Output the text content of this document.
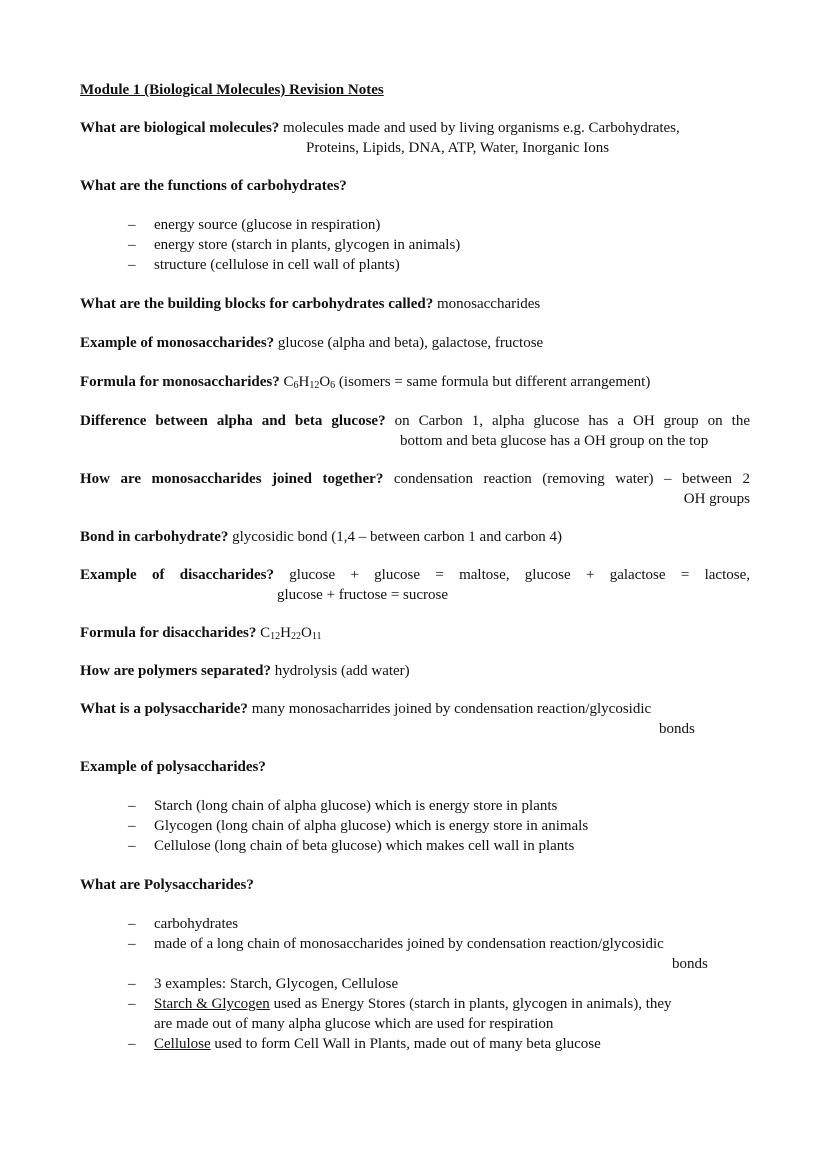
Module 1 (Biological Molecules) Revision Notes
What are biological molecules? molecules made and used by living organisms e.g. Carbohydrates,
Proteins, Lipids, DNA, ATP, Water, Inorganic Ions
What are the functions of carbohydrates?
– energy source (glucose in respiration)
– energy store (starch in plants, glycogen in animals)
– structure (cellulose in cell wall of plants)
What are the building blocks for carbohydrates called? monosaccharides
Example of monosaccharides? glucose (alpha and beta), galactose, fructose
Formula for monosaccharides? $C_6H_{12}O_6$ (isomers = same formula but different arrangement)
Difference between alpha and beta glucose? on Carbon 1, alpha glucose has a OH group on the
bottom and beta glucose has a OH group on the top
How are monosaccharides joined together? condensation reaction (removing water) – between 2
OH groups
Bond in carbohydrate? glycosidic bond (1,4 – between carbon 1 and carbon 4)
Example of disaccharides? glucose + glucose = maltose, glucose + galactose = lactose,
glucose + fructose = sucrose
Formula for disaccharides? $C_{12}H_{22}O_{11}$
How are polymers separated? hydrolysis (add water)
What is a polysaccharide? many monosacharrides joined by condensation reaction/glycosidic
bonds
Example of polysaccharides?
– Starch (long chain of alpha glucose) which is energy store in plants
– Glycogen (long chain of alpha glucose) which is energy store in animals
– Cellulose (long chain of beta glucose) which makes cell wall in plants
What are Polysaccharides?
– carbohydrates
– made of a long chain of monosaccharides joined by condensation reaction/glycosidic
bonds
– 3 examples: Starch, Glycogen, Cellulose
– Starch & Glycogen used as Energy Stores (starch in plants, glycogen in animals), they
are made out of many alpha glucose which are used for respiration
– Cellulose used to form Cell Wall in Plants, made out of many beta glucose
